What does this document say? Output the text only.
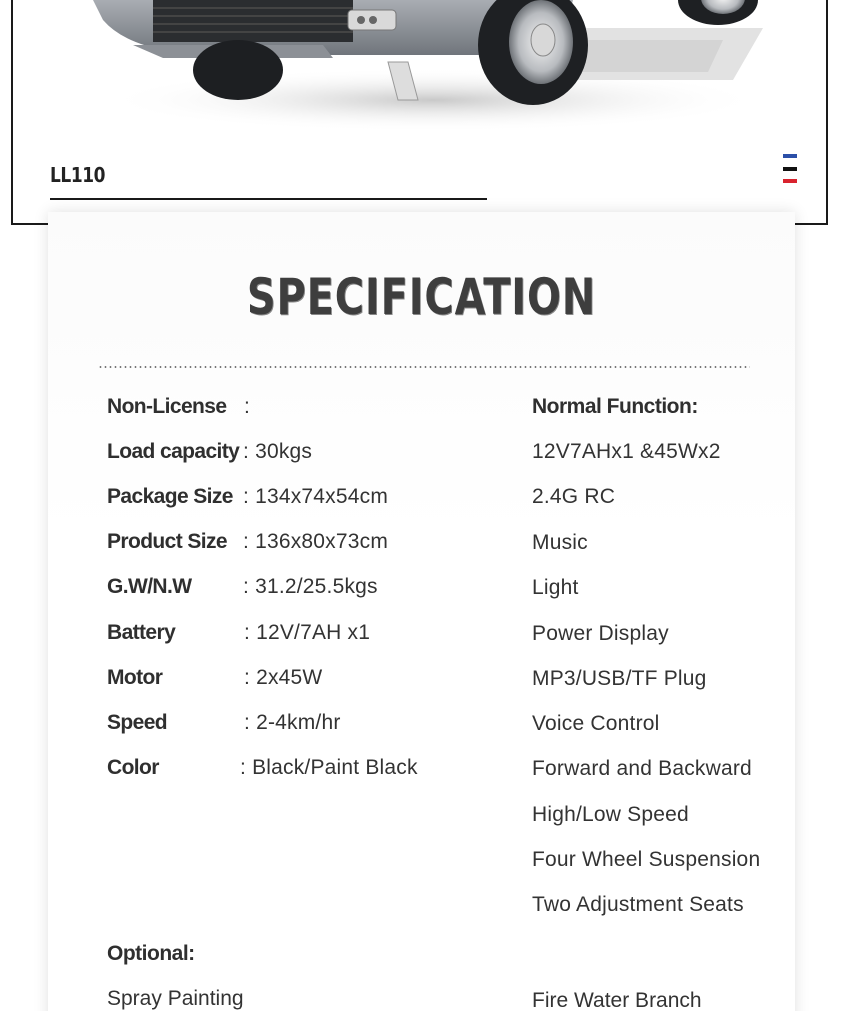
LL110
SPECIFICATION
Non-License :
Load capacity : 30kgs
Package Size : 134x74x54cm
Product Size : 136x80x73cm
G.W/N.W : 31.2/25.5kgs
Battery	: 12V/7AH x1
Motor	: 2x45W
Speed	: 2-4km/hr
Color	: Black/Paint Black
Normal Function:
12V7AHx1 &45Wx2
2.4G RC
Music
Light
Power Display
MP3/USB/TF Plug
Voice Control
Forward and Backward
High/Low Speed
Four Wheel Suspension
Two Adjustment Seats
Optional:
Spray Painting	Fire Water Branch
